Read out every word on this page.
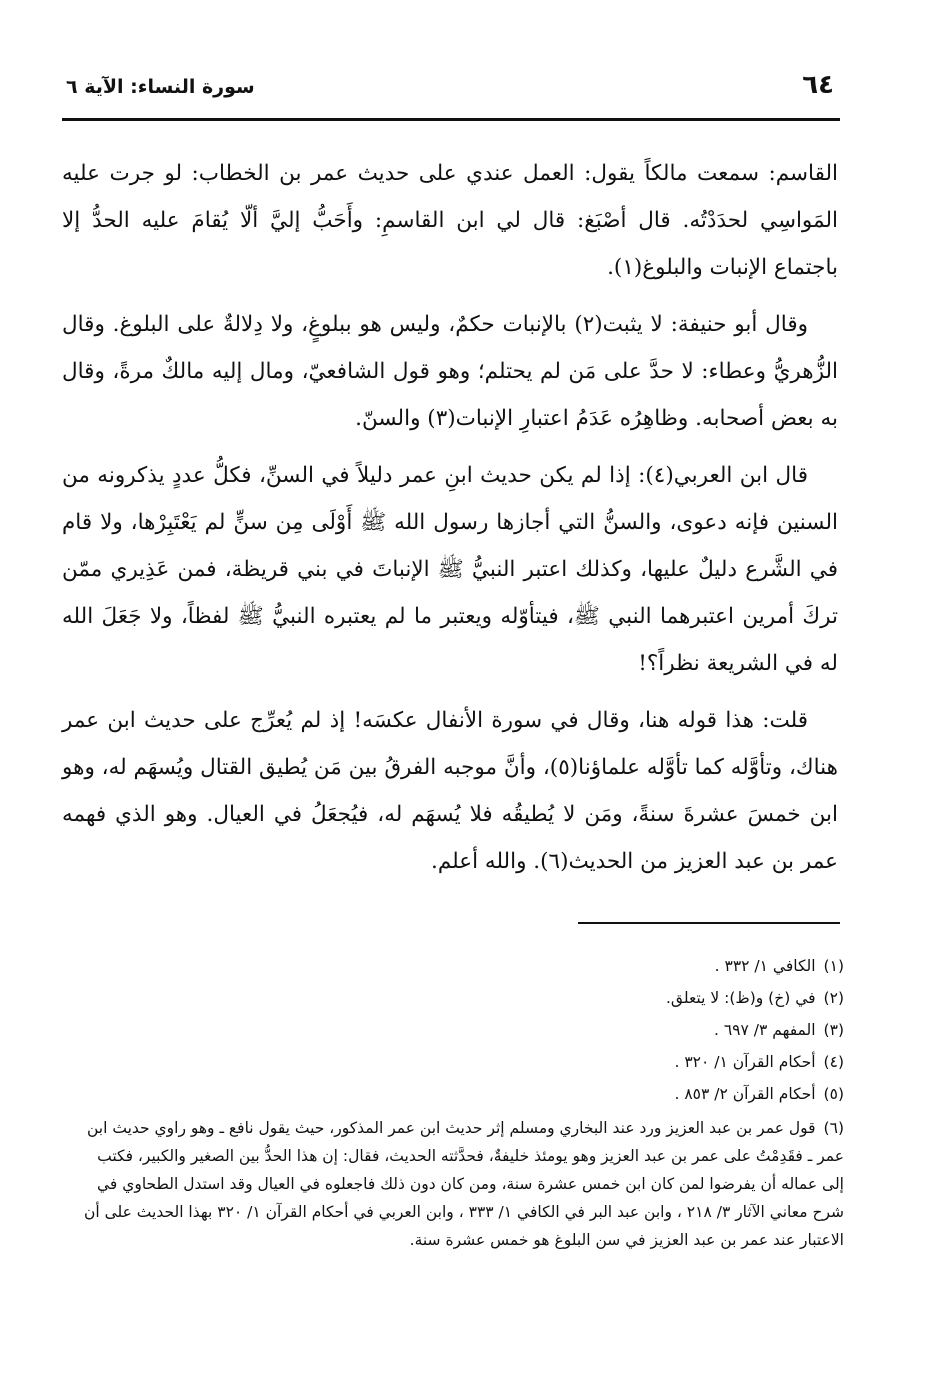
٦٤
سورة النساء: الآية ٦

القاسم: سمعت مالكاً يقول: العمل عندي على حديث عمر بن الخطاب: لو جرت عليه المَواسِي لحدَدْتُه. قال أصْبَغ: قال لي ابن القاسمِ: وأَحَبُّ إليَّ ألّا يُقامَ عليه الحدُّ إلا باجتماع الإنبات والبلوغ(١).

وقال أبو حنيفة: لا يثبت(٢) بالإنبات حكمٌ، وليس هو ببلوغٍ، ولا دِلالةٌ على البلوغ. وقال الزُّهريُّ وعطاء: لا حدَّ على مَن لم يحتلم؛ وهو قول الشافعيّ، ومال إليه مالكٌ مرةً، وقال به بعض أصحابه. وظاهِرُه عَدَمُ اعتبارِ الإنبات(٣) والسنّ.

قال ابن العربي(٤): إذا لم يكن حديث ابنِ عمر دليلاً في السنِّ، فكلُّ عددٍ يذكرونه من السنين فإنه دعوى، والسنُّ التي أجازها رسول الله ﷺ أَوْلَى مِن سنٍّ لم يَعْتَبِرْها، ولا قام في الشَّرع دليلٌ عليها، وكذلك اعتبر النبيُّ ﷺ الإنباتَ في بني قريظة، فمن عَذِيري ممّن تركَ أمرين اعتبرهما النبي ﷺ، فيتأوّله ويعتبر ما لم يعتبره النبيُّ ﷺ لفظاً، ولا جَعَلَ الله له في الشريعة نظراً؟!

قلت: هذا قوله هنا، وقال في سورة الأنفال عكسَه! إذ لم يُعرِّج على حديث ابن عمر هناك، وتأوَّله كما تأوَّله علماؤنا(٥)، وأنَّ موجبه الفرقُ بين مَن يُطيق القتال ويُسهَم له، وهو ابن خمسَ عشرةَ سنةً، ومَن لا يُطيقُه فلا يُسهَم له، فيُجعَلُ في العيال. وهو الذي فهمه عمر بن عبد العزيز من الحديث(٦). والله أعلم.

(١)الكافي ١/ ٣٣٢ .

(٢)في (خ) و(ظ): لا يتعلق.

(٣)المفهم ٣/ ٦٩٧ .

(٤)أحكام القرآن ١/ ٣٢٠ .

(٥)أحكام القرآن ٢/ ٨٥٣ .

(٦)قول عمر بن عبد العزيز ورد عند البخاري ومسلم إثر حديث ابن عمر المذكور، حيث يقول نافع ـ وهو راوي حديث ابن عمر ـ فقَدِمْتُ على عمر بن عبد العزيز وهو يومئذ خليفةٌ، فحدَّثته الحديث، فقال: إن هذا الحدُّ بين الصغير والكبير، فكتب إلى عماله أن يفرضوا لمن كان ابن خمس عشرة سنة، ومن كان دون ذلك فاجعلوه في العيال وقد استدل الطحاوي في شرح معاني الآثار ٣/ ٢١٨ ، وابن عبد البر في الكافي ١/ ٣٣٣ ، وابن العربي في أحكام القرآن ١/ ٣٢٠ بهذا الحديث على أن الاعتبار عند عمر بن عبد العزيز في سن البلوغ هو خمس عشرة سنة.
